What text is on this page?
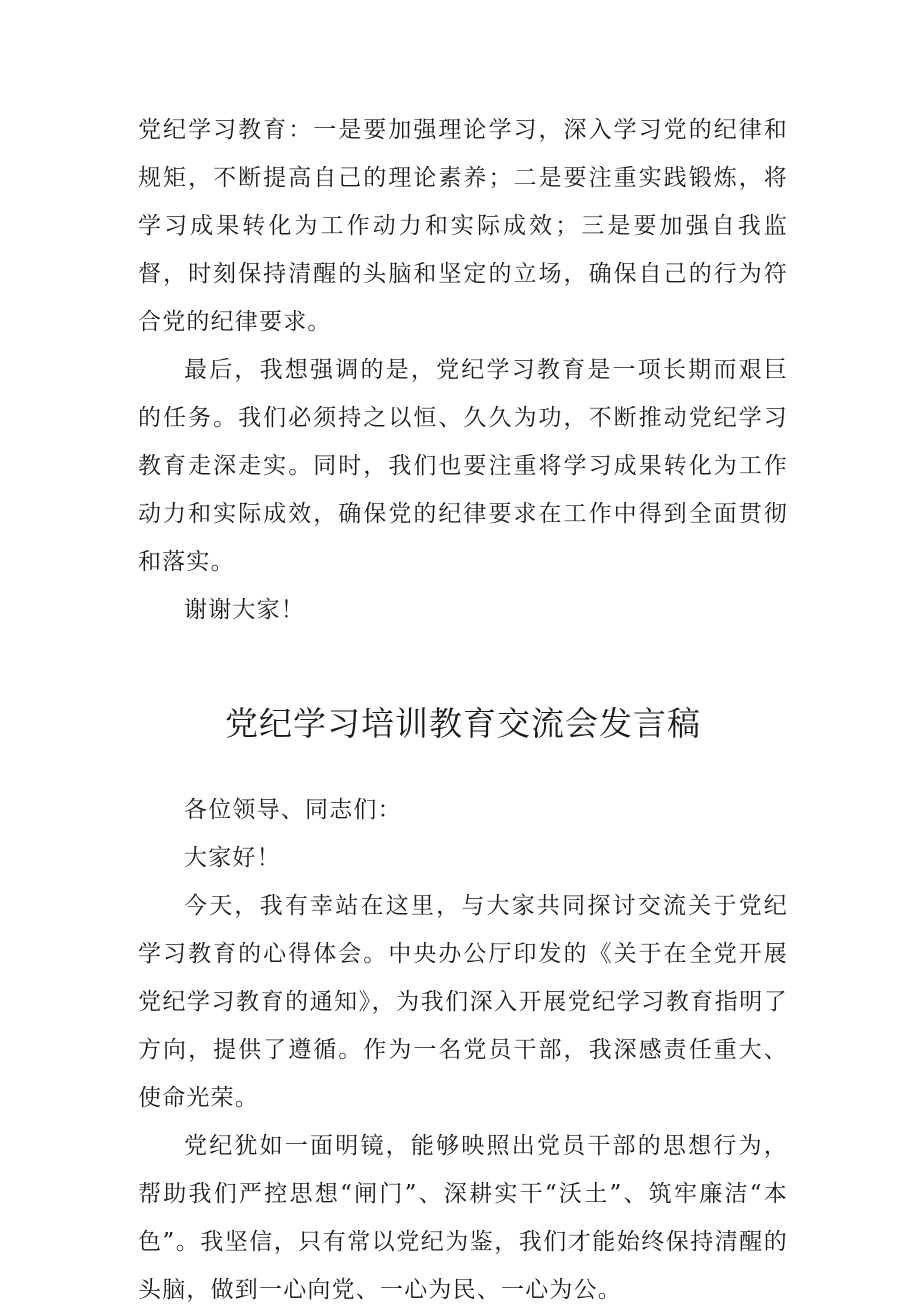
党纪学习教育：一是要加强理论学习，深入学习党的纪律和规矩，不断提高自己的理论素养；二是要注重实践锻炼，将学习成果转化为工作动力和实际成效；三是要加强自我监督，时刻保持清醒的头脑和坚定的立场，确保自己的行为符合党的纪律要求。

最后，我想强调的是，党纪学习教育是一项长期而艰巨的任务。我们必须持之以恒、久久为功，不断推动党纪学习教育走深走实。同时，我们也要注重将学习成果转化为工作动力和实际成效，确保党的纪律要求在工作中得到全面贯彻和落实。

谢谢大家！

党纪学习培训教育交流会发言稿

各位领导、同志们：

大家好！

今天，我有幸站在这里，与大家共同探讨交流关于党纪学习教育的心得体会。中央办公厅印发的《关于在全党开展党纪学习教育的通知》，为我们深入开展党纪学习教育指明了方向，提供了遵循。作为一名党员干部，我深感责任重大、使命光荣。

党纪犹如一面明镜，能够映照出党员干部的思想行为，帮助我们严控思想“闸门”、深耕实干“沃土”、筑牢廉洁“本色”。我坚信，只有常以党纪为鉴，我们才能始终保持清醒的头脑，做到一心向党、一心为民、一心为公。
